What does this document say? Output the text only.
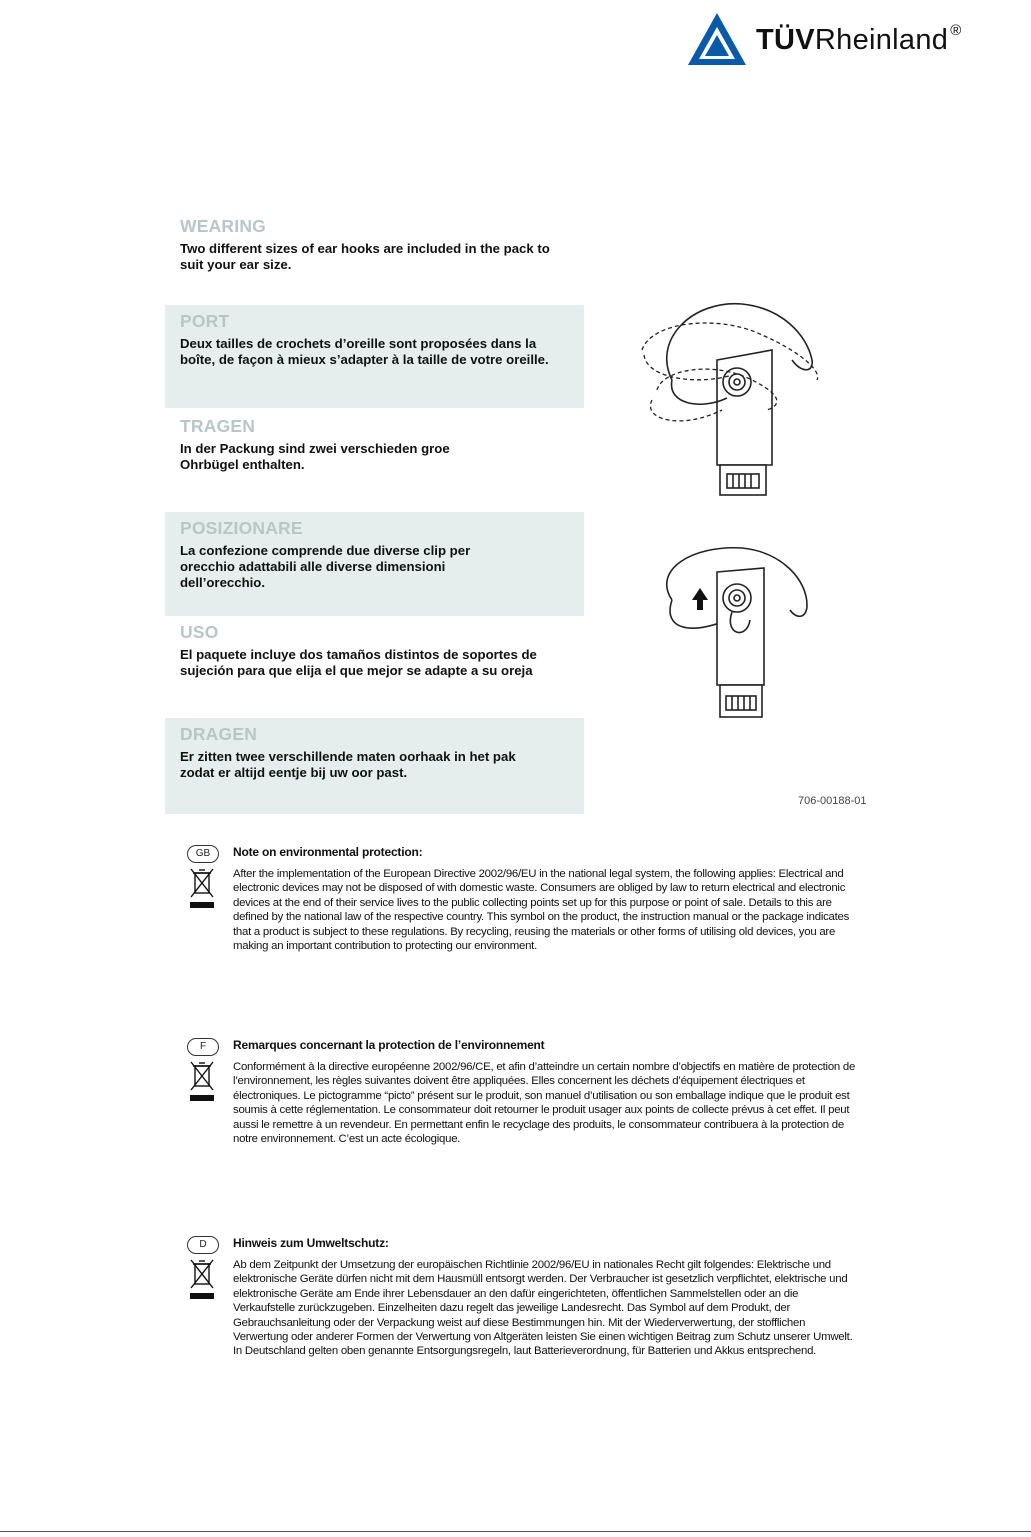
TÜVRheinland ®
WEARING

Two different sizes of ear hooks are included in the pack to suit your ear size.

PORT

Deux tailles de crochets d’oreille sont proposées dans la boîte, de façon à mieux s’adapter à la taille de votre oreille.

TRAGEN

In der Packung sind zwei verschieden groe Ohrbügel enthalten.

POSIZIONARE

La confezione comprende due diverse clip per orecchio adattabili alle diverse dimensioni dell’orecchio.

USO

El paquete incluye dos tamaños distintos de soportes de sujeción para que elija el que mejor se adapte a su oreja

DRAGEN

Er zitten twee verschillende maten oorhaak in het pak zodat er altijd eentje bij uw oor past.

706-00188-01
GB	Note on environmental protection:

After the implementation of the European Directive 2002/96/EU in the national legal system, the following applies: Electrical and electronic devices may not be disposed of with domestic waste. Consumers are obliged by law to return electrical and electronic devices at the end of their service lives to the public collecting points set up for this purpose or point of sale. Details to this are defined by the national law of the respective country. This symbol on the product, the instruction manual or the package indicates that a product is subject to these regulations. By recycling, reusing the materials or other forms of utilising old devices, you are making an important contribution to protecting our environment.

F	Remarques concernant la protection de l’environnement

Conformément à la directive européenne 2002/96/CE, et afin d’atteindre un certain nombre d’objectifs en matière de protection de l’environnement, les règles suivantes doivent être appliquées. Elles concernent les déchets d’équipement électriques et électroniques. Le pictogramme “picto” présent sur le produit, son manuel d’utilisation ou son emballage indique que le produit est soumis à cette réglementation. Le consommateur doit retourner le produit usager aux points de collecte prévus à cet effet. Il peut aussi le remettre à un revendeur. En permettant enfin le recyclage des produits, le consommateur contribuera à la protection de notre environnement. C’est un acte écologique.

D	Hinweis zum Umweltschutz:

Ab dem Zeitpunkt der Umsetzung der europäischen Richtlinie 2002/96/EU in nationales Recht gilt folgendes: Elektrische und elektronische Geräte dürfen nicht mit dem Hausmüll entsorgt werden. Der Verbraucher ist gesetzlich verpflichtet, elektrische und elektronische Geräte am Ende ihrer Lebensdauer an den dafür eingerichteten, öffentlichen Sammelstellen oder an die Verkaufstelle zurückzugeben. Einzelheiten dazu regelt das jeweilige Landesrecht. Das Symbol auf dem Produkt, der Gebrauchsanleitung oder der Verpackung weist auf diese Bestimmungen hin. Mit der Wiederverwertung, der stofflichen Verwertung oder anderer Formen der Verwertung von Altgeräten leisten Sie einen wichtigen Beitrag zum Schutz unserer Umwelt. In Deutschland gelten oben genannte Entsorgungsregeln, laut Batterieverordnung, für Batterien und Akkus entsprechend.
